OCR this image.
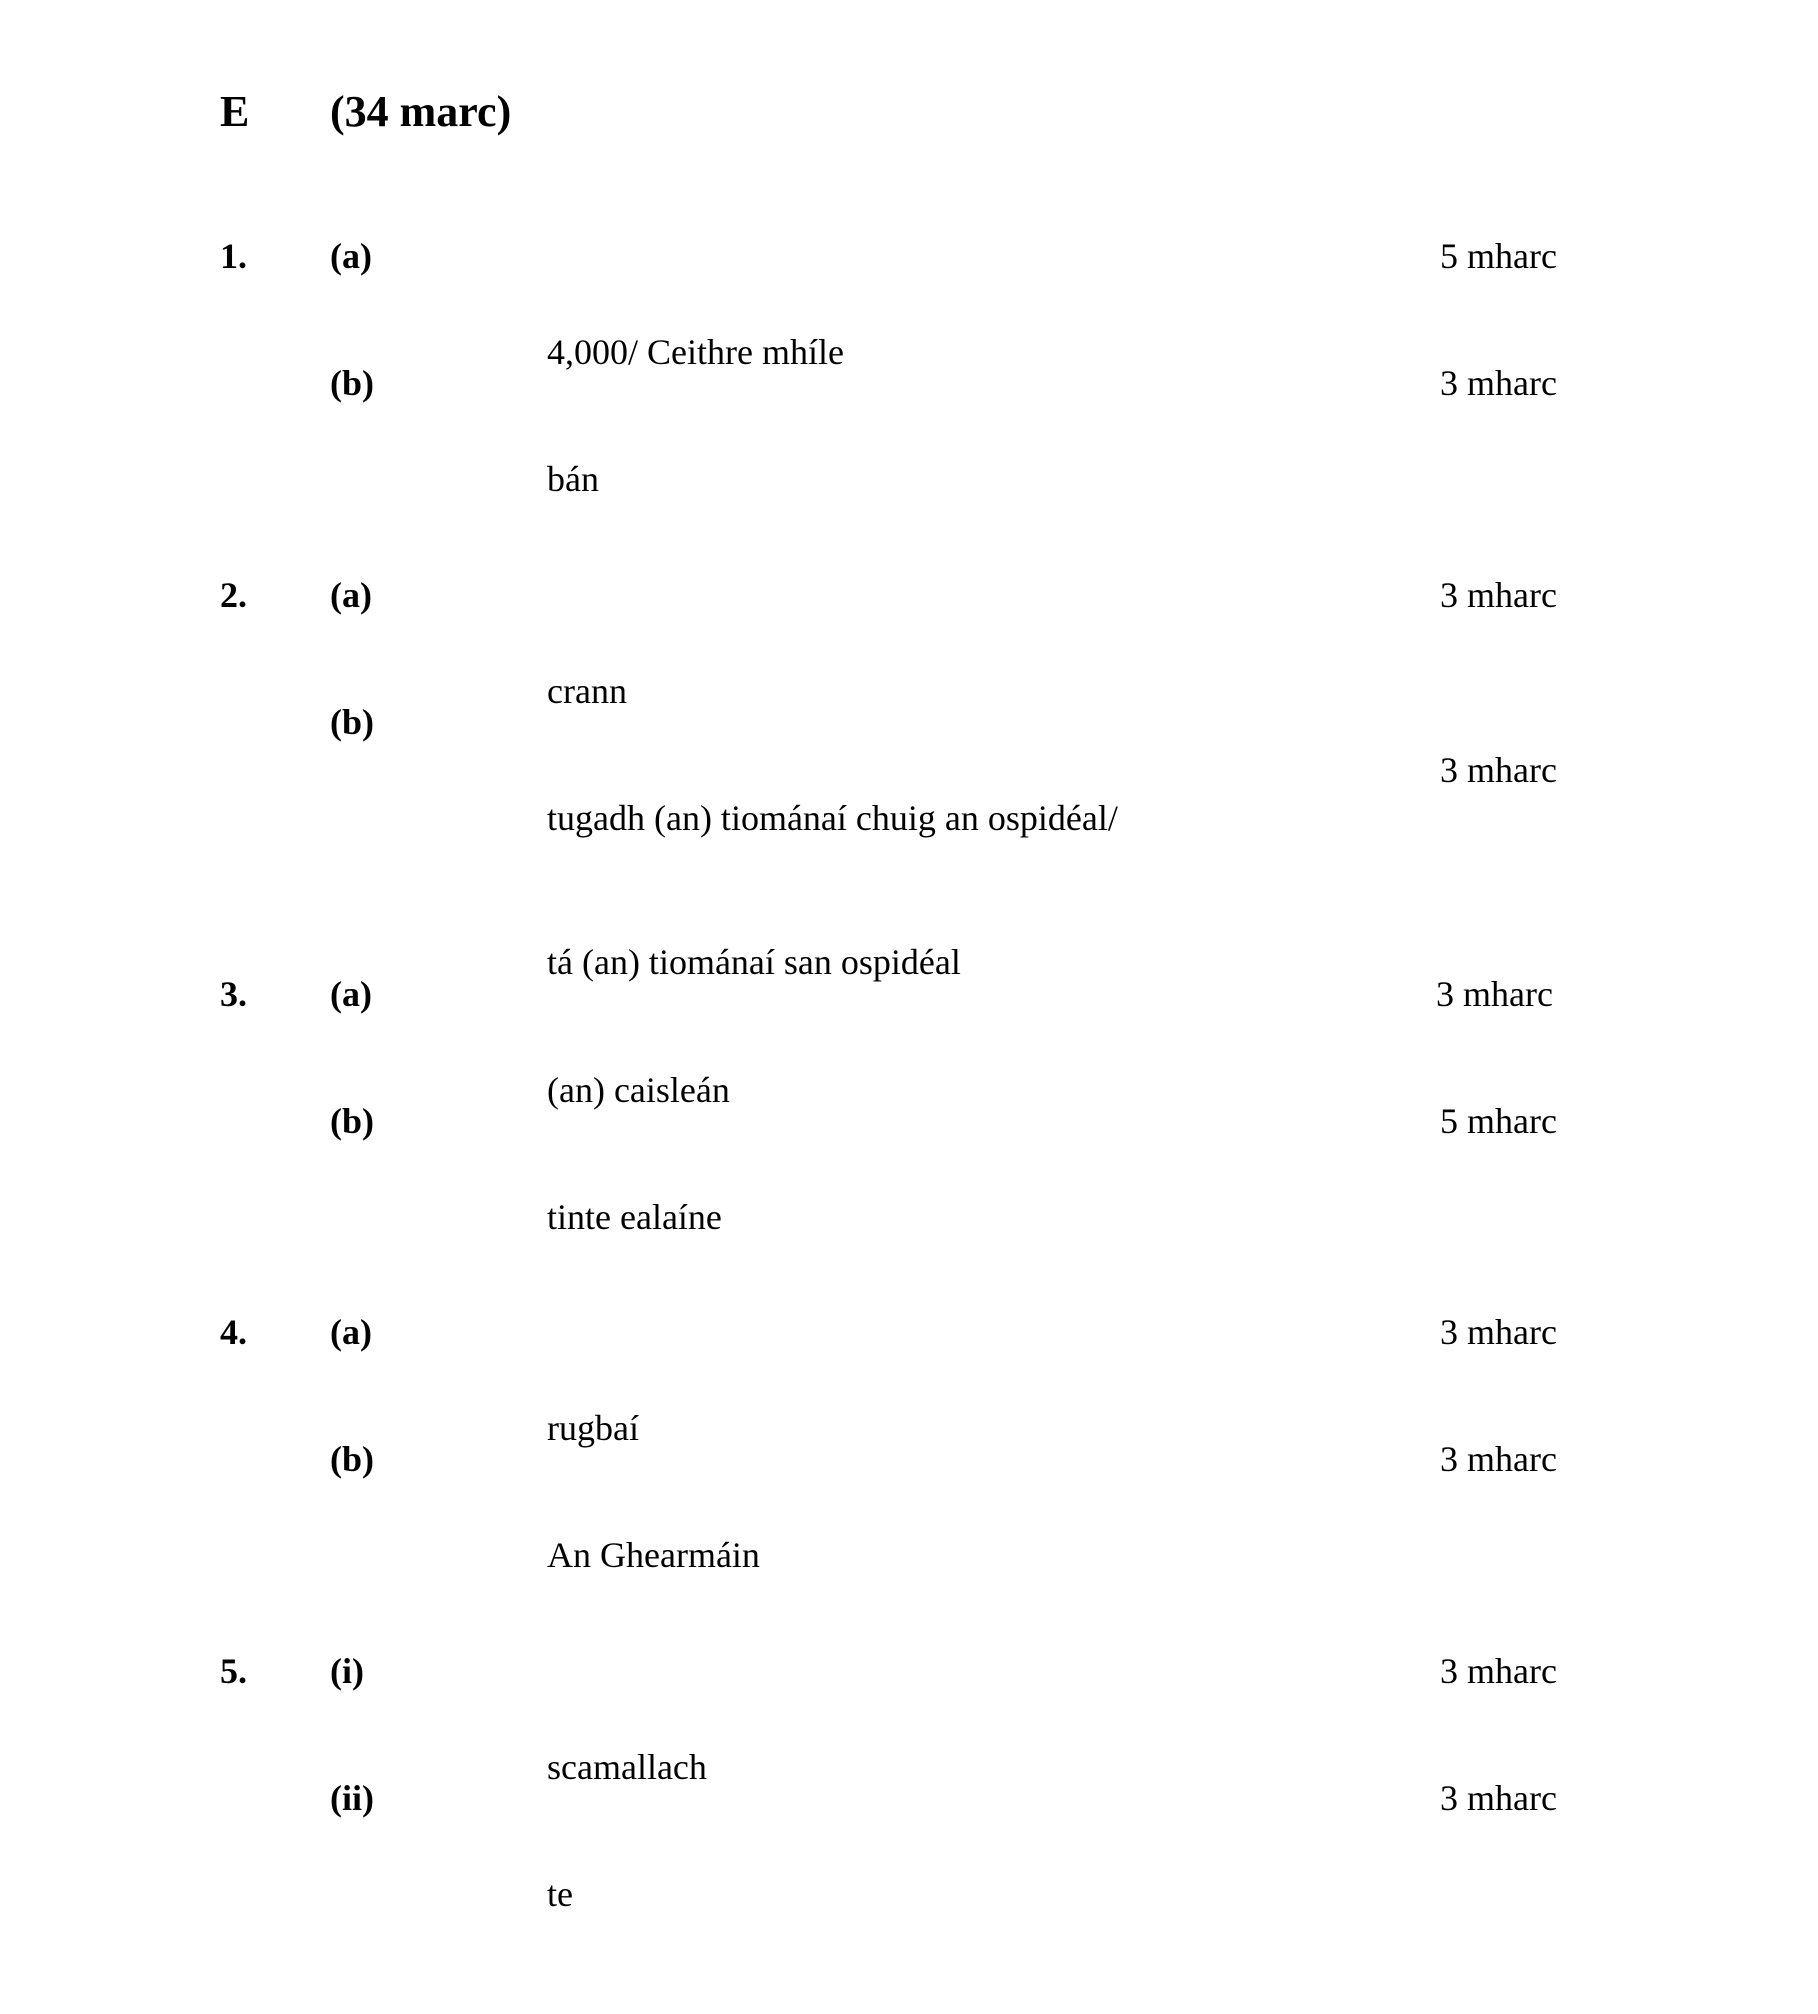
E (34 marc)
1. (a)

4,000/ Ceithre mhíle

5 mharc
(b)

bán

3 mharc
2. (a)

crann

3 mharc
(b)

tugadh (an) tiománaí chuig an ospidéal/

tá (an) tiománaí san ospidéal

3 mharc
3. (a)

(an) caisleán

3 mharc
(b)

tinte ealaíne

5 mharc
4. (a)

rugbaí

3 mharc
(b)

An Ghearmáin

3 mharc
5. (i)

scamallach

3 mharc
(ii)

te

3 mharc
